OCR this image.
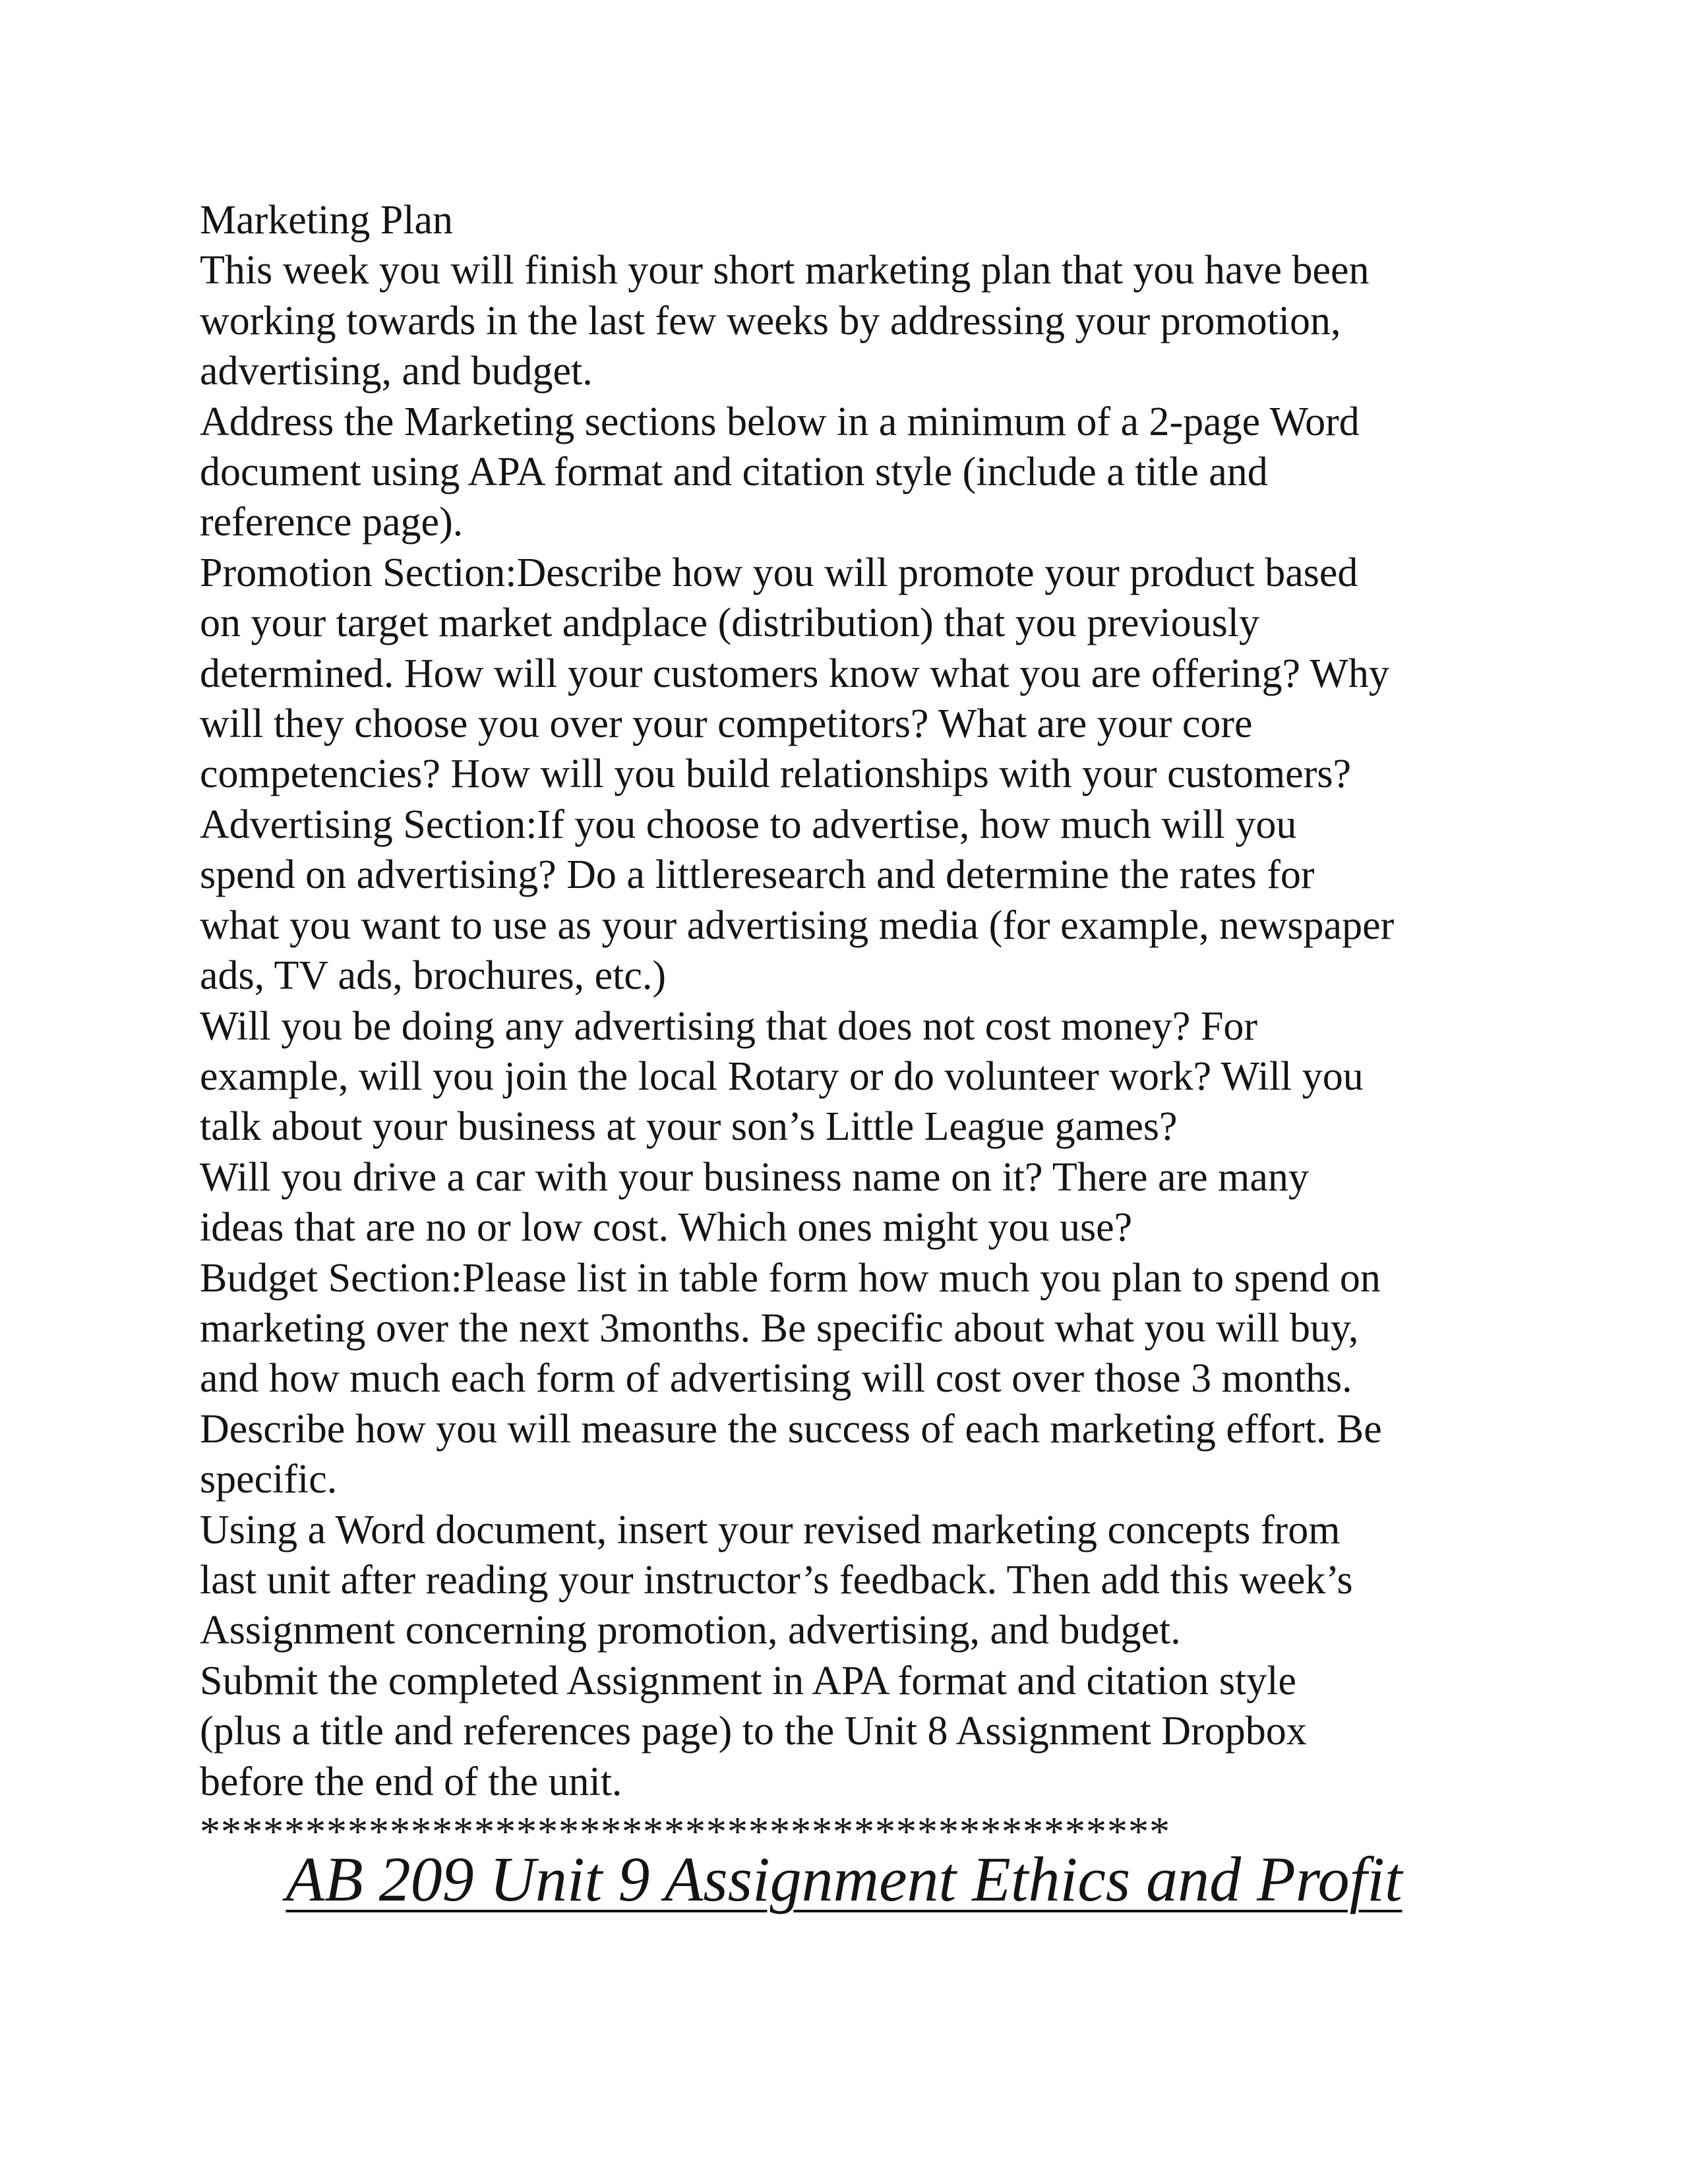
Marketing Plan
This week you will finish your short marketing plan that you have been
working towards in the last few weeks by addressing your promotion,
advertising, and budget.
Address the Marketing sections below in a minimum of a 2-page Word
document using APA format and citation style (include a title and
reference page).
Promotion Section:Describe how you will promote your product based
on your target market andplace (distribution) that you previously
determined. How will your customers know what you are offering? Why
will they choose you over your competitors? What are your core
competencies? How will you build relationships with your customers?
Advertising Section:If you choose to advertise, how much will you
spend on advertising? Do a littleresearch and determine the rates for
what you want to use as your advertising media (for example, newspaper
ads, TV ads, brochures, etc.)
Will you be doing any advertising that does not cost money? For
example, will you join the local Rotary or do volunteer work? Will you
talk about your business at your son’s Little League games?
Will you drive a car with your business name on it? There are many
ideas that are no or low cost. Which ones might you use?
Budget Section:Please list in table form how much you plan to spend on
marketing over the next 3months. Be specific about what you will buy,
and how much each form of advertising will cost over those 3 months.
Describe how you will measure the success of each marketing effort. Be
specific.
Using a Word document, insert your revised marketing concepts from
last unit after reading your instructor’s feedback. Then add this week’s
Assignment concerning promotion, advertising, and budget.
Submit the completed Assignment in APA format and citation style
(plus a title and references page) to the Unit 8 Assignment Dropbox
before the end of the unit.
**********************************************
AB 209 Unit 9 Assignment Ethics and Profit
